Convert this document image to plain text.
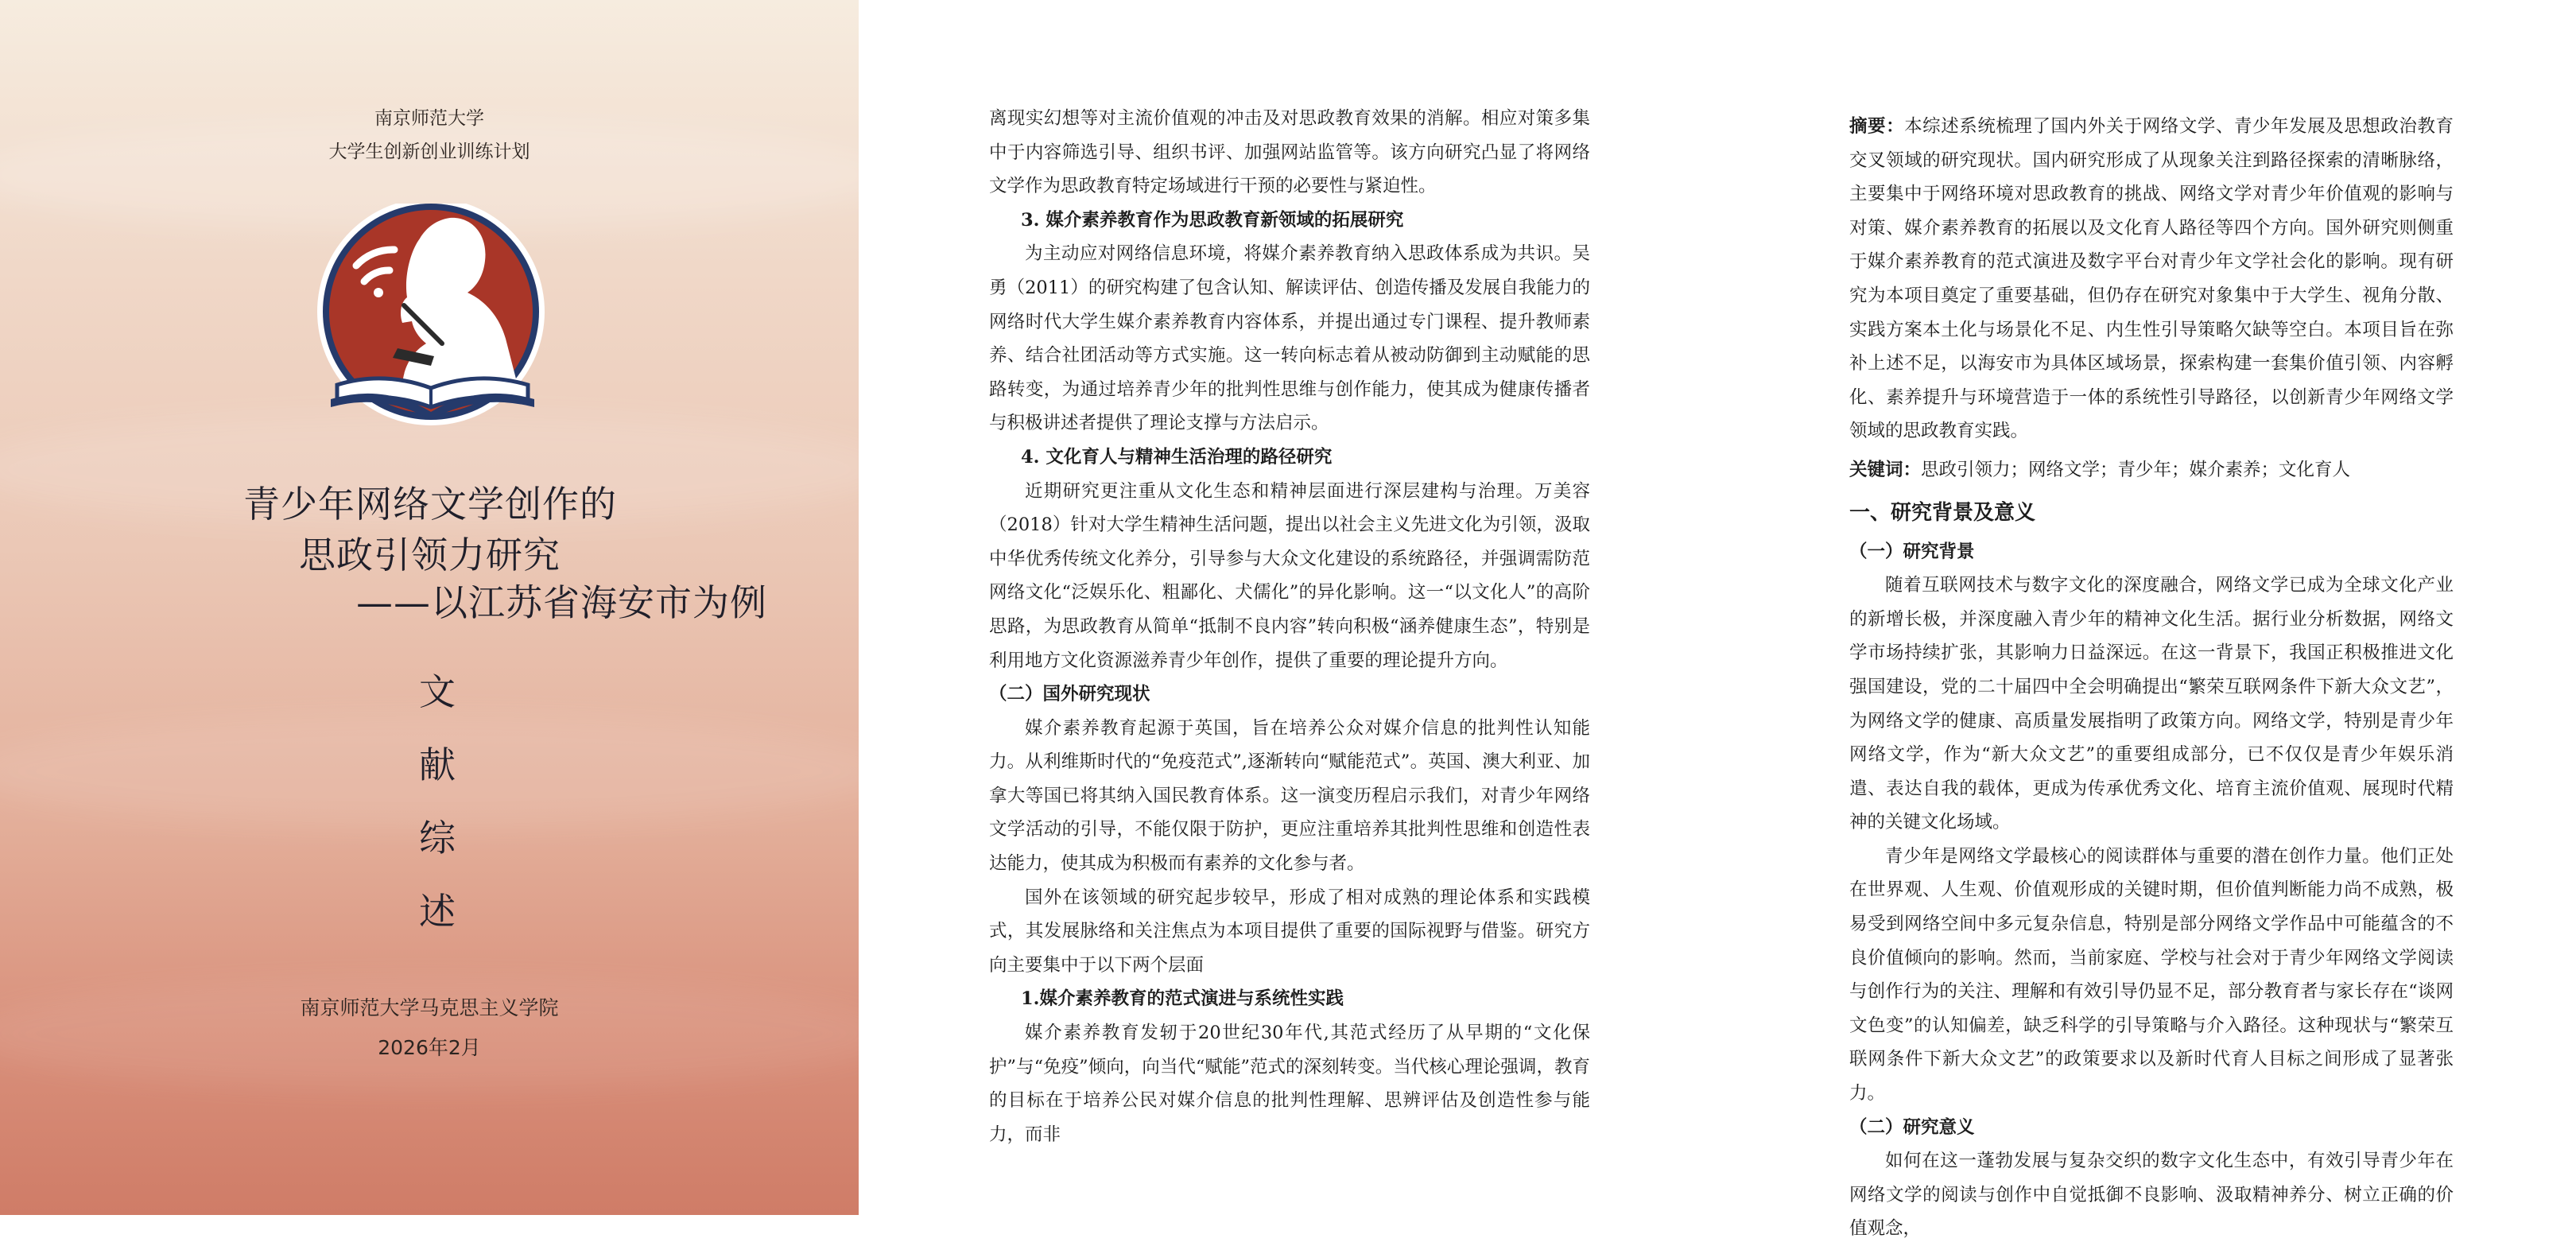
南京师范大学
大学生创新创业训练计划
青少年网络文学创作的
思政引领力研究
——以江苏省海安市为例
文
献
综
述
南京师范大学马克思主义学院
2026年2月

离现实幻想等对主流价值观的冲击及对思政教育效果的消解。相应对策多集中于内容筛选引导、组织书评、加强网站监管等。该方向研究凸显了将网络文学作为思政教育特定场域进行干预的必要性与紧迫性。

3. 媒介素养教育作为思政教育新领域的拓展研究

为主动应对网络信息环境，将媒介素养教育纳入思政体系成为共识。吴勇（2011）的研究构建了包含认知、解读评估、创造传播及发展自我能力的网络时代大学生媒介素养教育内容体系，并提出通过专门课程、提升教师素养、结合社团活动等方式实施。这一转向标志着从被动防御到主动赋能的思路转变，为通过培养青少年的批判性思维与创作能力，使其成为健康传播者与积极讲述者提供了理论支撑与方法启示。

4. 文化育人与精神生活治理的路径研究

近期研究更注重从文化生态和精神层面进行深层建构与治理。万美容（2018）针对大学生精神生活问题，提出以社会主义先进文化为引领，汲取中华优秀传统文化养分，引导参与大众文化建设的系统路径，并强调需防范网络文化“泛娱乐化、粗鄙化、犬儒化”的异化影响。这一“以文化人”的高阶思路，为思政教育从简单“抵制不良内容”转向积极“涵养健康生态”，特别是利用地方文化资源滋养青少年创作，提供了重要的理论提升方向。

（二）国外研究现状

媒介素养教育起源于英国，旨在培养公众对媒介信息的批判性认知能力。从利维斯时代的“免疫范式”,逐渐转向“赋能范式”。英国、澳大利亚、加拿大等国已将其纳入国民教育体系。这一演变历程启示我们，对青少年网络文学活动的引导，不能仅限于防护，更应注重培养其批判性思维和创造性表达能力，使其成为积极而有素养的文化参与者。

国外在该领域的研究起步较早，形成了相对成熟的理论体系和实践模式，其发展脉络和关注焦点为本项目提供了重要的国际视野与借鉴。研究方向主要集中于以下两个层面

1.媒介素养教育的范式演进与系统性实践

媒介素养教育发轫于20世纪30年代,其范式经历了从早期的“文化保护”与“免疫”倾向，向当代“赋能”范式的深刻转变。当代核心理论强调，教育的目标在于培养公民对媒介信息的批判性理解、思辨评估及创造性参与能力，而非

摘要：本综述系统梳理了国内外关于网络文学、青少年发展及思想政治教育交叉领域的研究现状。国内研究形成了从现象关注到路径探索的清晰脉络，主要集中于网络环境对思政教育的挑战、网络文学对青少年价值观的影响与对策、媒介素养教育的拓展以及文化育人路径等四个方向。国外研究则侧重于媒介素养教育的范式演进及数字平台对青少年文学社会化的影响。现有研究为本项目奠定了重要基础，但仍存在研究对象集中于大学生、视角分散、实践方案本土化与场景化不足、内生性引导策略欠缺等空白。本项目旨在弥补上述不足，以海安市为具体区域场景，探索构建一套集价值引领、内容孵化、素养提升与环境营造于一体的系统性引导路径，以创新青少年网络文学领域的思政教育实践。

关键词：思政引领力；网络文学；青少年；媒介素养；文化育人

一、研究背景及意义

（一）研究背景

随着互联网技术与数字文化的深度融合，网络文学已成为全球文化产业的新增长极，并深度融入青少年的精神文化生活。据行业分析数据，网络文学市场持续扩张，其影响力日益深远。在这一背景下，我国正积极推进文化强国建设，党的二十届四中全会明确提出“繁荣互联网条件下新大众文艺”，为网络文学的健康、高质量发展指明了政策方向。网络文学，特别是青少年网络文学，作为“新大众文艺”的重要组成部分，已不仅仅是青少年娱乐消遣、表达自我的载体，更成为传承优秀文化、培育主流价值观、展现时代精神的关键文化场域。

青少年是网络文学最核心的阅读群体与重要的潜在创作力量。他们正处在世界观、人生观、价值观形成的关键时期，但价值判断能力尚不成熟，极易受到网络空间中多元复杂信息，特别是部分网络文学作品中可能蕴含的不良价值倾向的影响。然而，当前家庭、学校与社会对于青少年网络文学阅读与创作行为的关注、理解和有效引导仍显不足，部分教育者与家长存在“谈网文色变”的认知偏差，缺乏科学的引导策略与介入路径。这种现状与“繁荣互联网条件下新大众文艺”的政策要求以及新时代育人目标之间形成了显著张力。

（二）研究意义

如何在这一蓬勃发展与复杂交织的数字文化生态中，有效引导青少年在网络文学的阅读与创作中自觉抵御不良影响、汲取精神养分、树立正确的价值观念，
